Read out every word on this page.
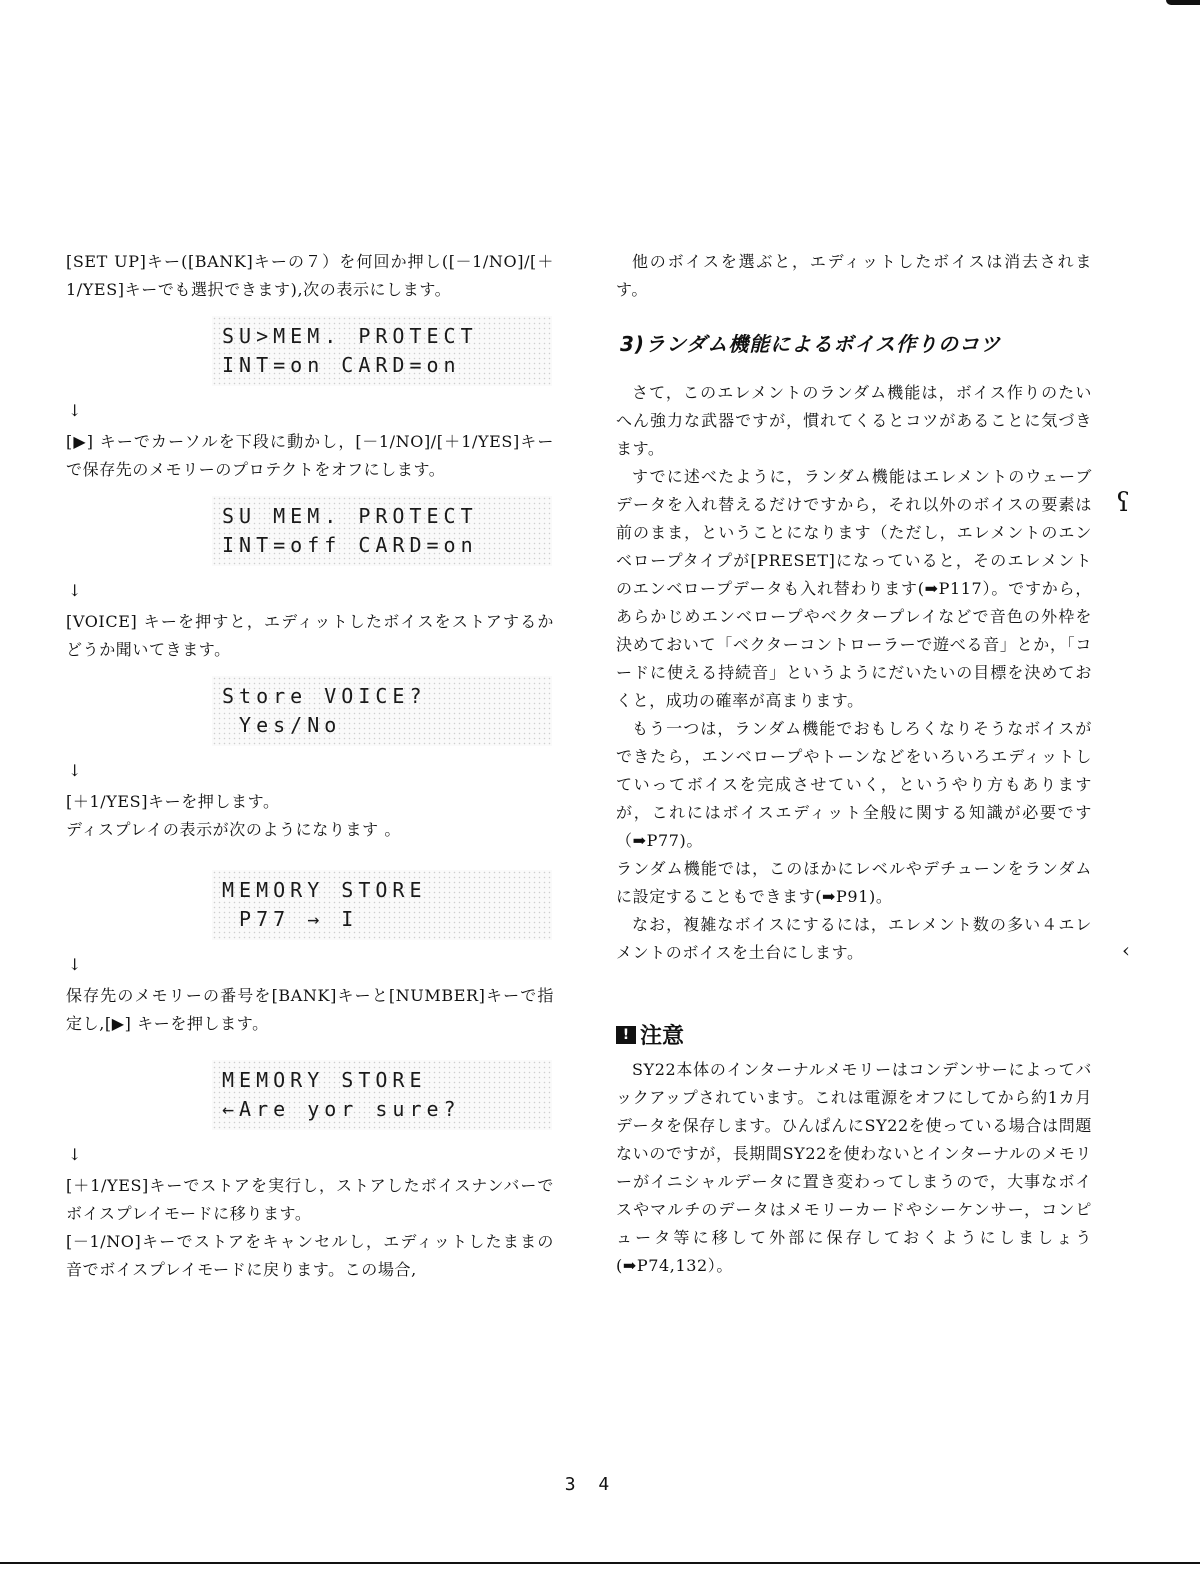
[SET UP]キー([BANK]キーの７）を何回か押し([－1/NO]/[＋1/YES]キーでも選択できます),次の表示にします。

SU>MEM. PROTECT
INT=on CARD=on
↓

[▶] キーでカーソルを下段に動かし，[－1/NO]/[＋1/YES]キーで保存先のメモリーのプロテクトをオフにします。

SU MEM. PROTECT
INT=off CARD=on
↓

[VOICE] キーを押すと，エディットしたボイスをストアするかどうか聞いてきます。

Store VOICE?
Yes/No
↓

[＋1/YES]キーを押します。

ディスプレイの表示が次のようになります 。

MEMORY STORE
P77 → I
↓

保存先のメモリーの番号を[BANK]キーと[NUMBER]キーで指定し,[▶] キーを押します。

MEMORY STORE
←Are yor sure?
↓

[＋1/YES]キーでストアを実行し，ストアしたボイスナンバーでボイスプレイモードに移ります。

[－1/NO]キーでストアをキャンセルし，エディットしたままの音でボイスプレイモードに戻ります。この場合,

他のボイスを選ぶと，エディットしたボイスは消去されます。

3)ランダム機能によるボイス作りのコツ

さて，このエレメントのランダム機能は，ボイス作りのたいへん強力な武器ですが，慣れてくるとコツがあることに気づきます。

すでに述べたように，ランダム機能はエレメントのウェーブデータを入れ替えるだけですから，それ以外のボイスの要素は前のまま，ということになります（ただし，エレメントのエンベロープタイプが[PRESET]になっていると，そのエレメントのエンベロープデータも入れ替わります(➡P117）。ですから，あらかじめエンベロープやベクタープレイなどで音色の外枠を決めておいて「ベクターコントローラーで遊べる音」とか，「コードに使える持続音」というようにだいたいの目標を決めておくと，成功の確率が高まります。

もう一つは，ランダム機能でおもしろくなりそうなボイスができたら，エンベロープやトーンなどをいろいろエディットしていってボイスを完成させていく，というやり方もありますが，これにはボイスエディット全般に関する知識が必要です（➡P77)。

ランダム機能では，このほかにレベルやデチューンをランダムに設定することもできます(➡P91)。

なお，複雑なボイスにするには，エレメント数の多い４エレメントのボイスを土台にします。

! 注意

SY22本体のインターナルメモリーはコンデンサーによってバックアップされています。これは電源をオフにしてから約1カ月 データを保存します。ひんぱんにSY22を使っている場合は問題ないのですが，長期間SY22を使わないとインターナルのメモリーがイニシャルデータに置き変わってしまうので，大事なボイスやマルチのデータはメモリーカードやシーケンサー，コンピュータ等に移して外部に保存しておくようにしましょう(➡P74,132）。

ʕ
‹
3 4
